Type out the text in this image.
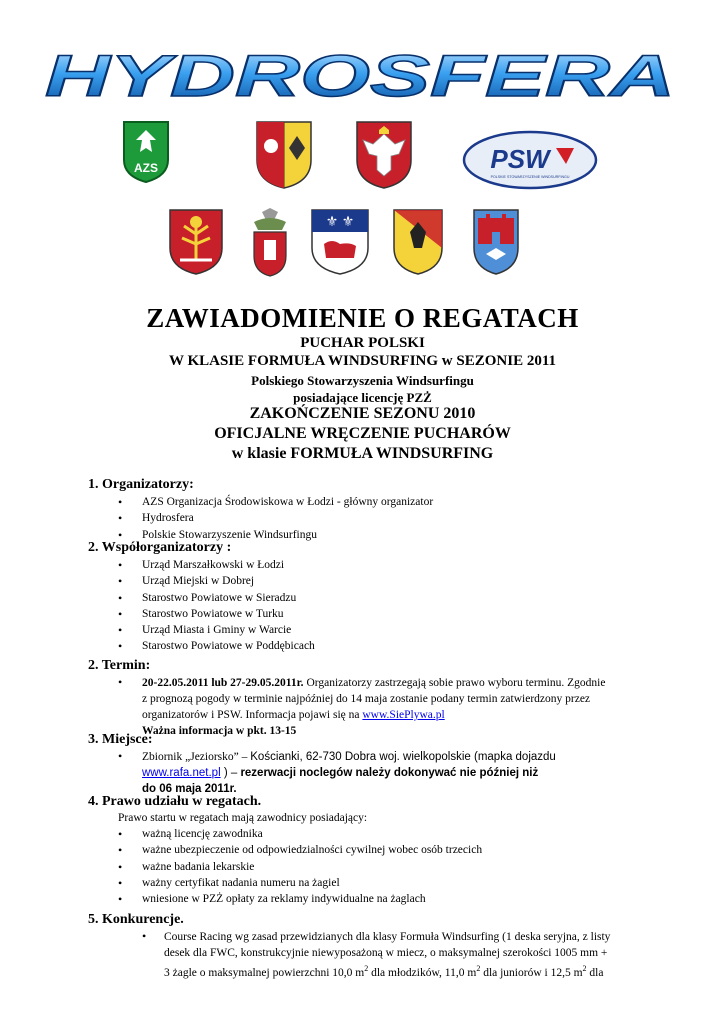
HYDROSFERA
AZS	PSW
POLSKIE STOWARZYSZENIE WINDSURFINGU
⚜ ⚜
ZAWIADOMIENIE O REGATACH
PUCHAR POLSKI
W KLASIE FORMUŁA WINDSURFING w SEZONIE 2011
Polskiego Stowarzyszenia Windsurfingu
posiadające licencję PZŻ
ZAKOŃCZENIE SEZONU 2010
OFICJALNE WRĘCZENIE PUCHARÓW
w klasie FORMUŁA WINDSURFING
1. Organizatorzy:
• AZS Organizacja Środowiskowa w Łodzi - główny organizator
• Hydrosfera
• Polskie Stowarzyszenie Windsurfingu
2. Współorganizatorzy :
• Urząd Marszałkowski w Łodzi
• Urząd Miejski w Dobrej
• Starostwo Powiatowe w Sieradzu
• Starostwo Powiatowe w Turku
• Urząd Miasta i Gminy w Warcie
• Starostwo Powiatowe w Poddębicach
2. Termin:
• 20-22.05.2011 lub 27-29.05.2011r. Organizatorzy zastrzegają sobie prawo wyboru terminu. Zgodnie
z prognozą pogody w terminie najpóźniej do 14 maja zostanie podany termin zatwierdzony przez
organizatorów i PSW. Informacja pojawi się na www.SiePlywa.pl
Ważna informacja w pkt. 13-15
3. Miejsce:
• Zbiornik „Jeziorsko” – Kościanki, 62-730 Dobra woj. wielkopolskie (mapka dojazdu
www.rafa.net.pl ) – rezerwacji noclegów należy dokonywać nie później niż
do 06 maja 2011r.
4. Prawo udziału w regatach.
Prawo startu w regatach mają zawodnicy posiadający:
• ważną licencję zawodnika
• ważne ubezpieczenie od odpowiedzialności cywilnej wobec osób trzecich
• ważne badania lekarskie
• ważny certyfikat nadania numeru na żagiel
• wniesione w PZŻ opłaty za reklamy indywidualne na żaglach
5. Konkurencje.
• Course Racing wg zasad przewidzianych dla klasy Formuła Windsurfing (1 deska seryjna, z listy
desek dla FWC, konstrukcyjnie niewyposażoną w miecz, o maksymalnej szerokości 1005 mm +
3 żagle o maksymalnej powierzchni 10,0 $m^2$ dla młodzików, 11,0 $m^2$ dla juniorów i 12,5 $m^2$ dla
